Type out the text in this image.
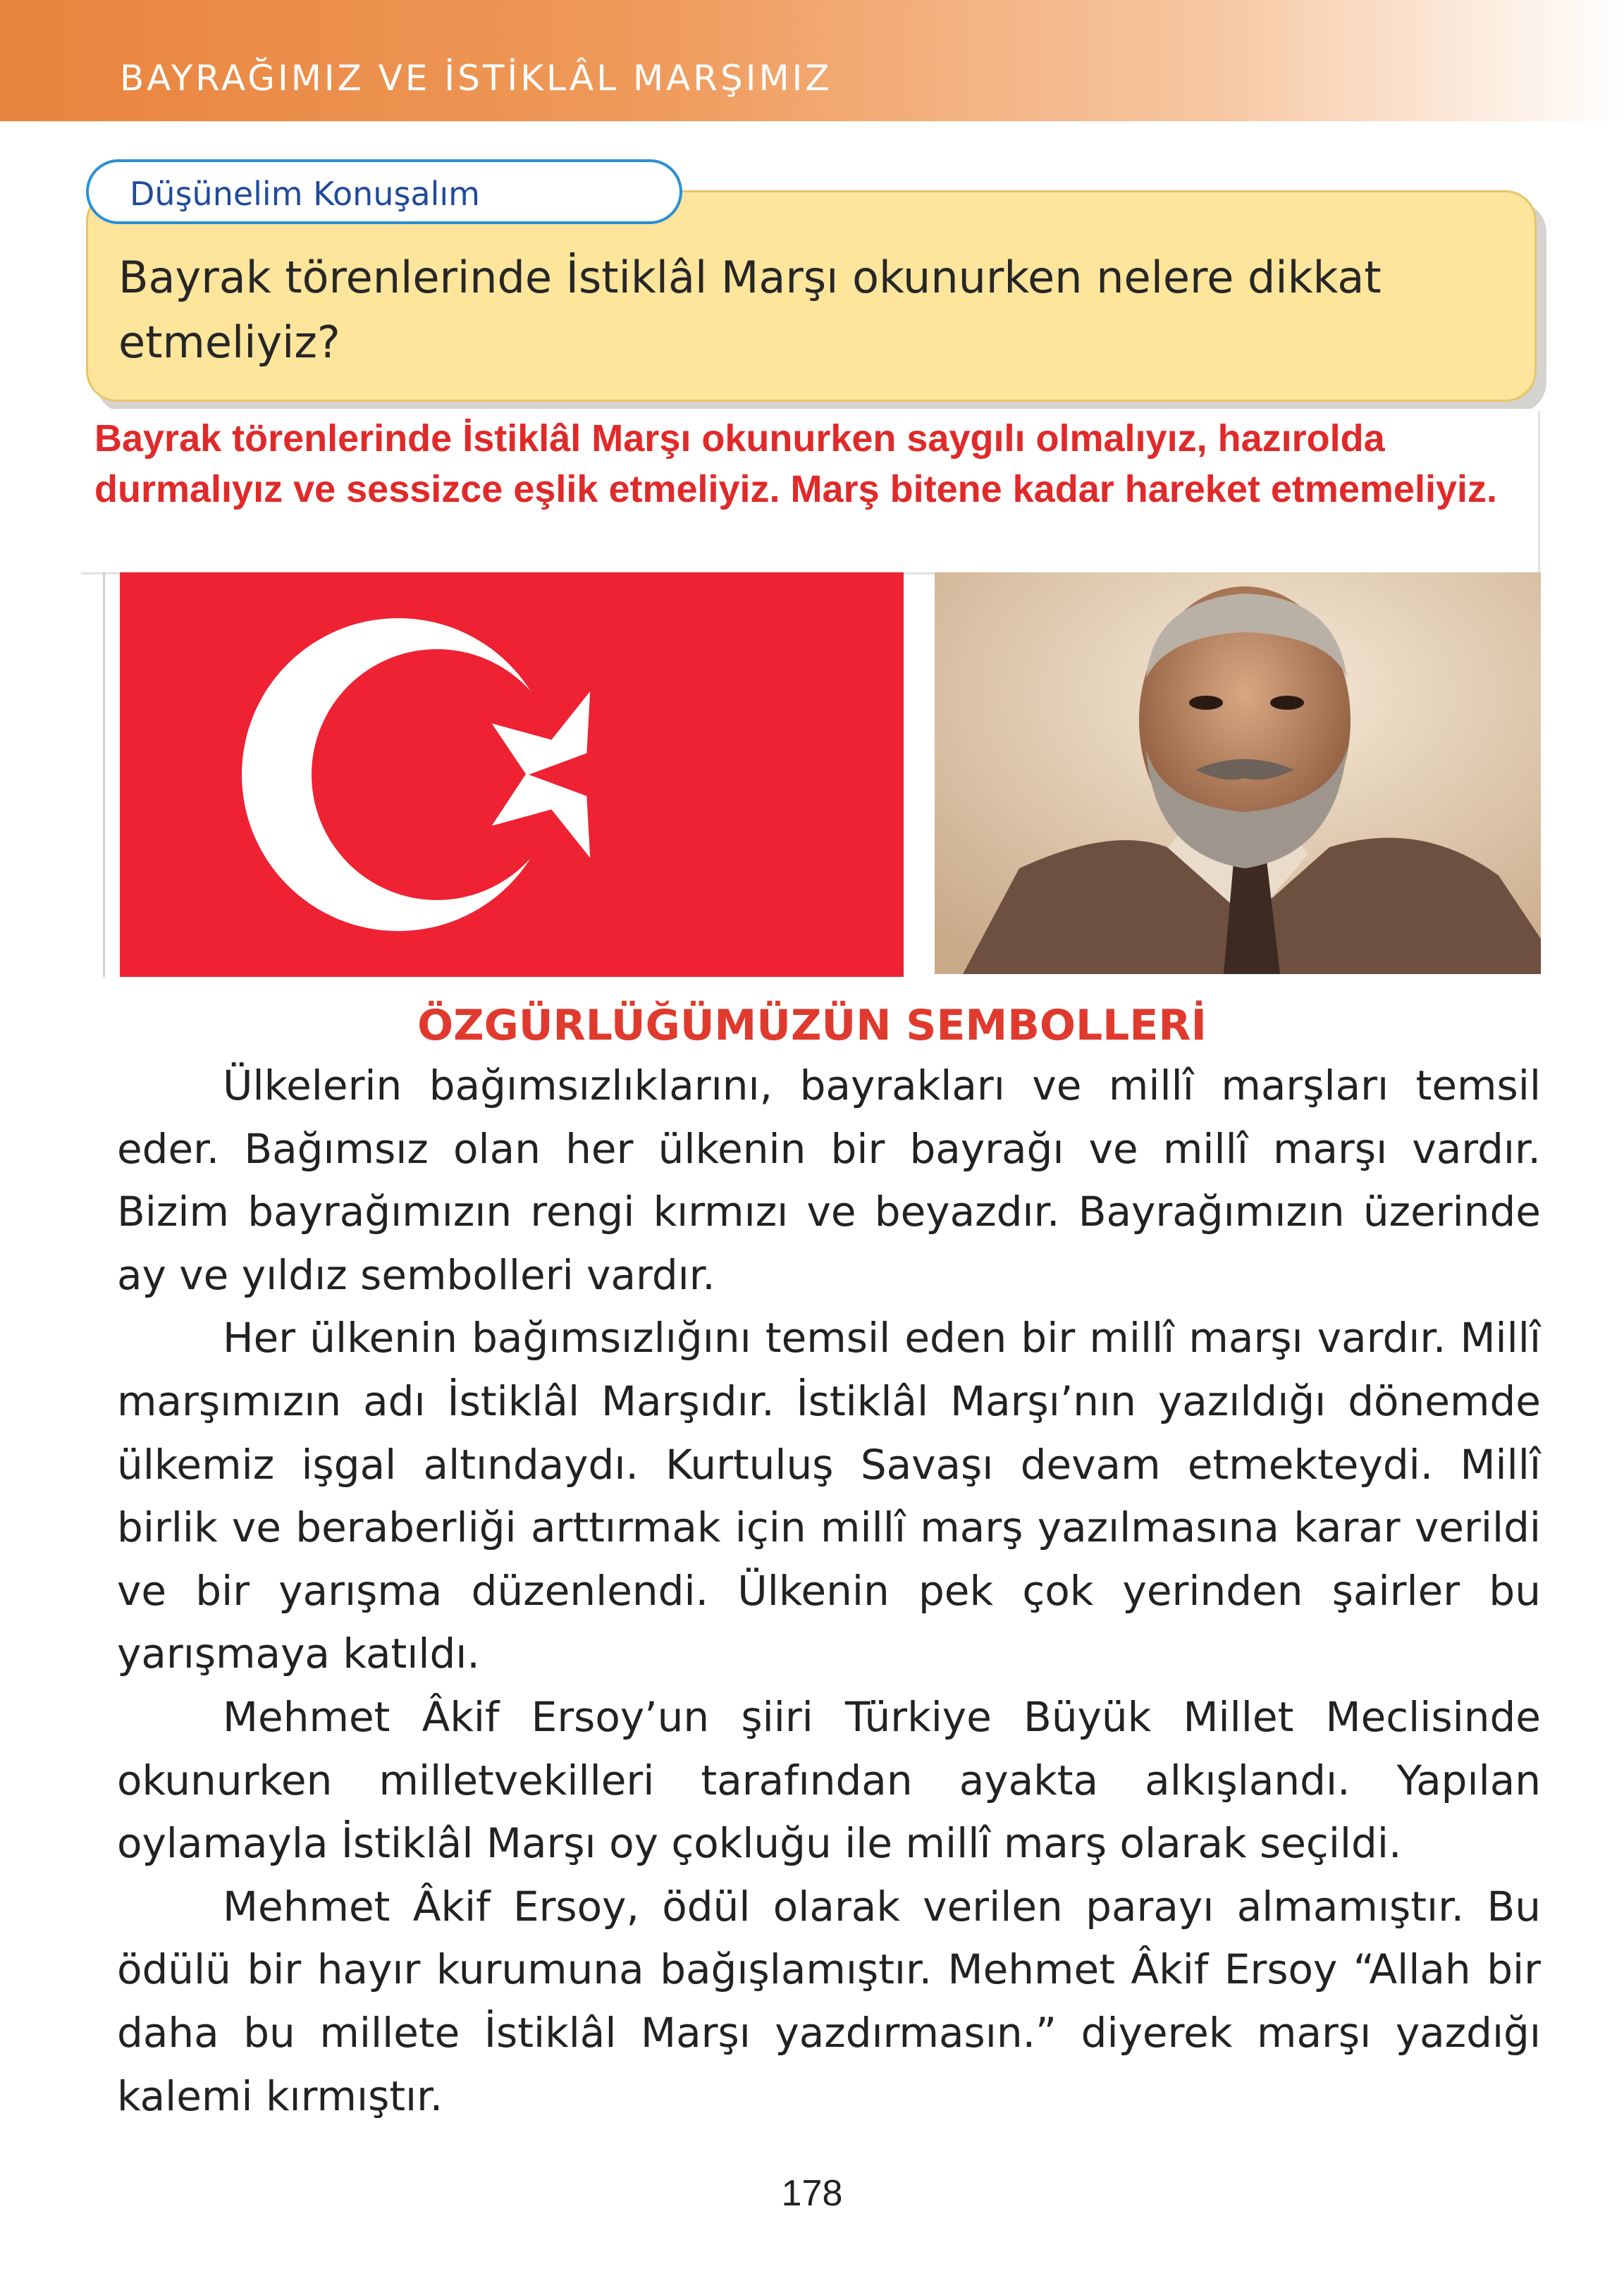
BAYRAĞIMIZ VE İSTİKLÂL MARŞIMIZ
Düşünelim Konuşalım
Bayrak törenlerinde İstiklâl Marşı okunurken nelere dikkat etmeliyiz?
Bayrak törenlerinde İstiklâl Marşı okunurken saygılı olmalıyız, hazırolda durmalıyız ve sessizce eşlik etmeliyiz. Marş bitene kadar hareket etmemeliyiz.
ÖZGÜRLÜĞÜMÜZÜN SEMBOLLERİ

Ülkelerin bağımsızlıklarını, bayrakları ve millî marşları temsil eder. Bağımsız olan her ülkenin bir bayrağı ve millî marşı vardır. Bizim bayrağımızın rengi kırmızı ve beyazdır. Bayrağımızın üzerinde ay ve yıldız sembolleri vardır.

Her ülkenin bağımsızlığını temsil eden bir millî marşı vardır. Millî marşımızın adı İstiklâl Marşıdır. İstiklâl Marşı’nın yazıldığı dönemde ülkemiz işgal altındaydı. Kurtuluş Savaşı devam etmekteydi. Millî birlik ve beraberliği arttırmak için millî marş yazılmasına karar verildi ve bir yarışma düzenlendi. Ülkenin pek çok yerinden şairler bu yarışmaya katıldı.

Mehmet Âkif Ersoy’un şiiri Türkiye Büyük Millet Meclisinde okunurken milletvekilleri tarafından ayakta alkışlandı. Yapılan oylamayla İstiklâl Marşı oy çokluğu ile millî marş olarak seçildi.

Mehmet Âkif Ersoy, ödül olarak verilen parayı almamıştır. Bu ödülü bir hayır kurumuna bağışlamıştır. Mehmet Âkif Ersoy “Allah bir daha bu millete İstiklâl Marşı yazdırmasın.” diyerek marşı yazdığı kalemi kırmıştır.

178
